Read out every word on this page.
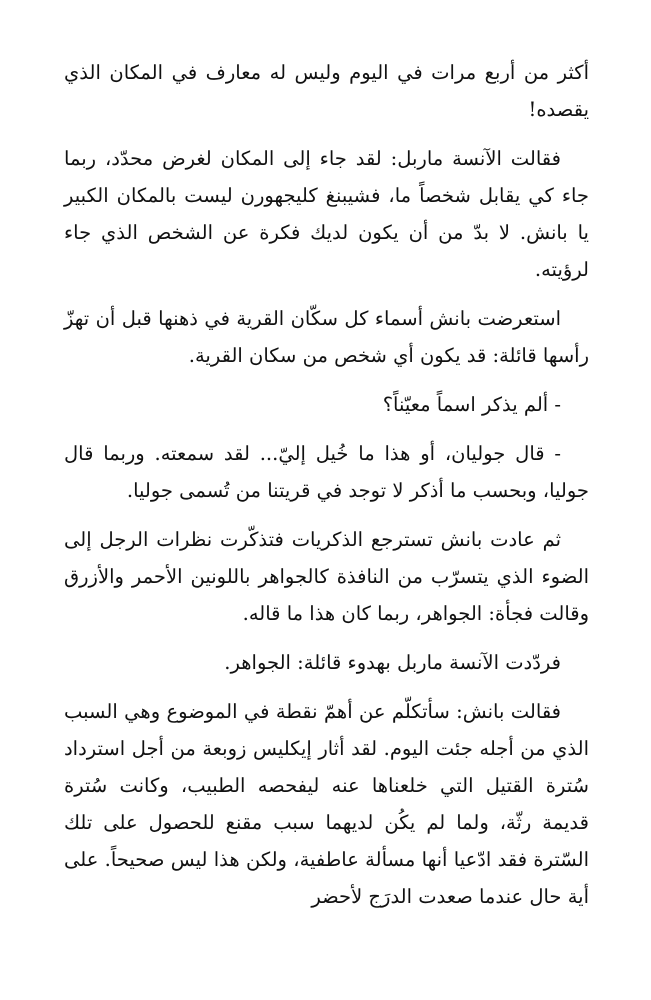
أكثر من أربع مرات في اليوم وليس له معارف في المكان الذي يقصده!

فقالت الآنسة ماربل: لقد جاء إلى المكان لغرض محدّد، ربما جاء كي يقابل شخصاً ما، فشيبنغ كليجهورن ليست بالمكان الكبير يا بانش. لا بدّ من أن يكون لديك فكرة عن الشخص الذي جاء لرؤيته.

استعرضت بانش أسماء كل سكّان القرية في ذهنها قبل أن تهزّ رأسها قائلة: قد يكون أي شخص من سكان القرية.

- ألم يذكر اسماً معيّناً؟

- قال جوليان، أو هذا ما خُيل إليّ... لقد سمعته. وربما قال جوليا، وبحسب ما أذكر لا توجد في قريتنا من تُسمى جوليا.

ثم عادت بانش تسترجع الذكريات فتذكّرت نظرات الرجل إلى الضوء الذي يتسرّب من النافذة كالجواهر باللونين الأحمر والأزرق وقالت فجأة: الجواهر، ربما كان هذا ما قاله.

فردّدت الآنسة ماربل بهدوء قائلة: الجواهر.

فقالت بانش: سأتكلّم عن أهمّ نقطة في الموضوع وهي السبب الذي من أجله جئت اليوم. لقد أثار إيكليس زوبعة من أجل استرداد سُترة القتيل التي خلعناها عنه ليفحصه الطبيب، وكانت سُترة قديمة رثّة، ولما لم يكُن لديهما سبب مقنع للحصول على تلك السّترة فقد ادّعيا أنها مسألة عاطفية، ولكن هذا ليس صحيحاً. على أية حال عندما صعدت الدرَج لأحضر
